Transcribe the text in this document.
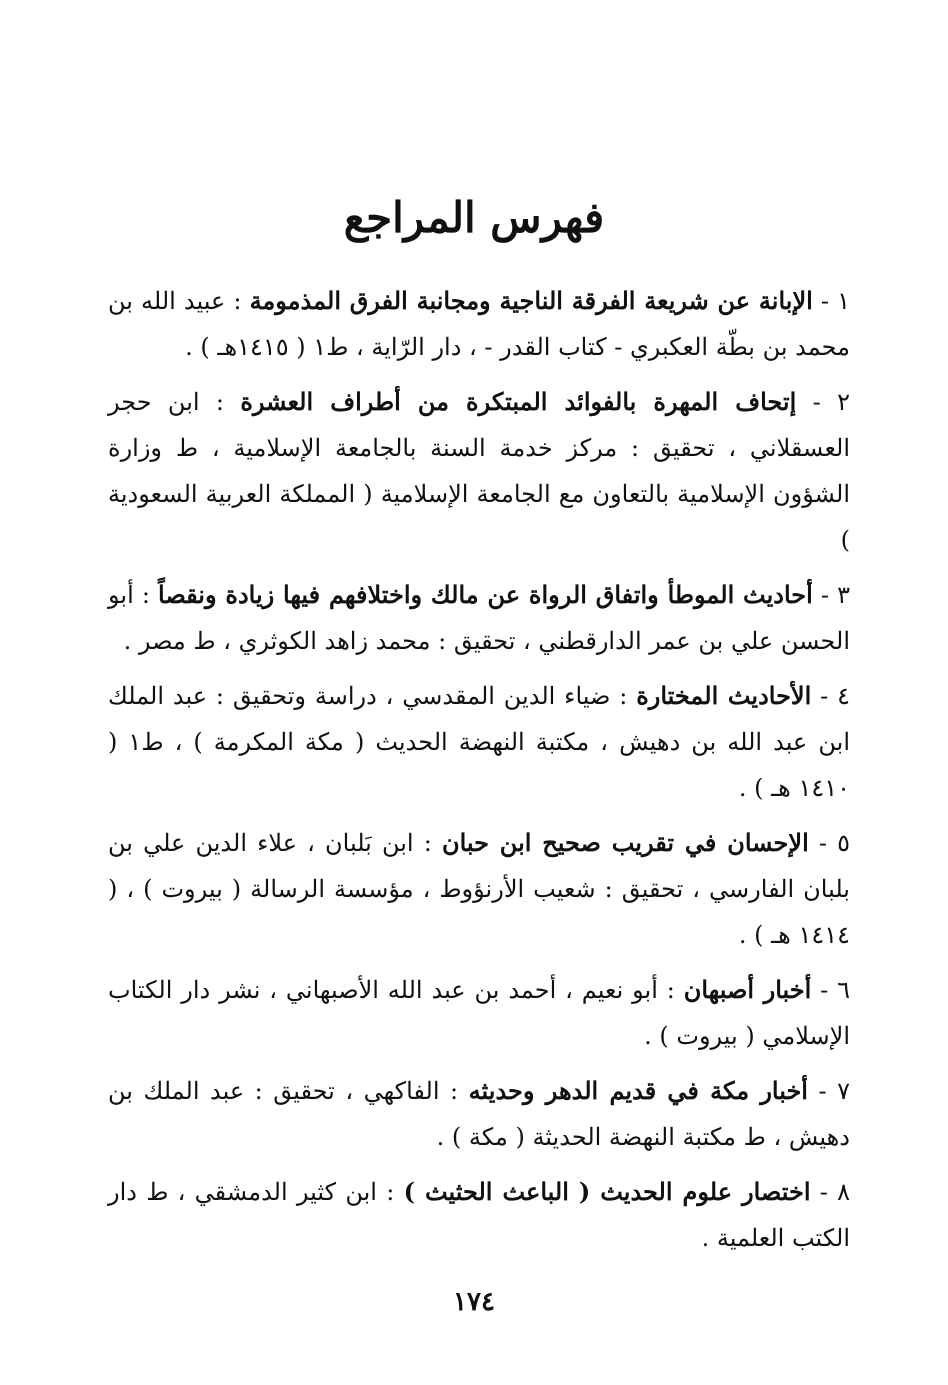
فهرس المراجع
١ - الإبانة عن شريعة الفرقة الناجية ومجانبة الفرق المذمومة : عبيد الله بن محمد بن بطّة العكبري - كتاب القدر - ، دار الرّاية ، ط١ ( ١٤١٥هـ ) .
٢ - إتحاف المهرة بالفوائد المبتكرة من أطراف العشرة : ابن حجر العسقلاني ، تحقيق : مركز خدمة السنة بالجامعة الإسلامية ، ط وزارة الشؤون الإسلامية بالتعاون مع الجامعة الإسلامية ( المملكة العربية السعودية )
٣ - أحاديث الموطأ واتفاق الرواة عن مالك واختلافهم فيها زيادة ونقصاً : أبو الحسن علي بن عمر الدارقطني ، تحقيق : محمد زاهد الكوثري ، ط مصر .
٤ - الأحاديث المختارة : ضياء الدين المقدسي ، دراسة وتحقيق : عبد الملك ابن عبد الله بن دهيش ، مكتبة النهضة الحديث ( مكة المكرمة ) ، ط١ ( ١٤١٠ هـ ) .
٥ - الإحسان في تقريب صحيح ابن حبان : ابن بَلبان ، علاء الدين علي بن بلبان الفارسي ، تحقيق : شعيب الأرنؤوط ، مؤسسة الرسالة ( بيروت ) ، ( ١٤١٤ هـ ) .
٦ - أخبار أصبهان : أبو نعيم ، أحمد بن عبد الله الأصبهاني ، نشر دار الكتاب الإسلامي ( بيروت ) .
٧ - أخبار مكة في قديم الدهر وحديثه : الفاكهي ، تحقيق : عبد الملك بن دهيش ، ط مكتبة النهضة الحديثة ( مكة ) .
٨ - اختصار علوم الحديث ( الباعث الحثيث ) : ابن كثير الدمشقي ، ط دار الكتب العلمية .
١٧٤
